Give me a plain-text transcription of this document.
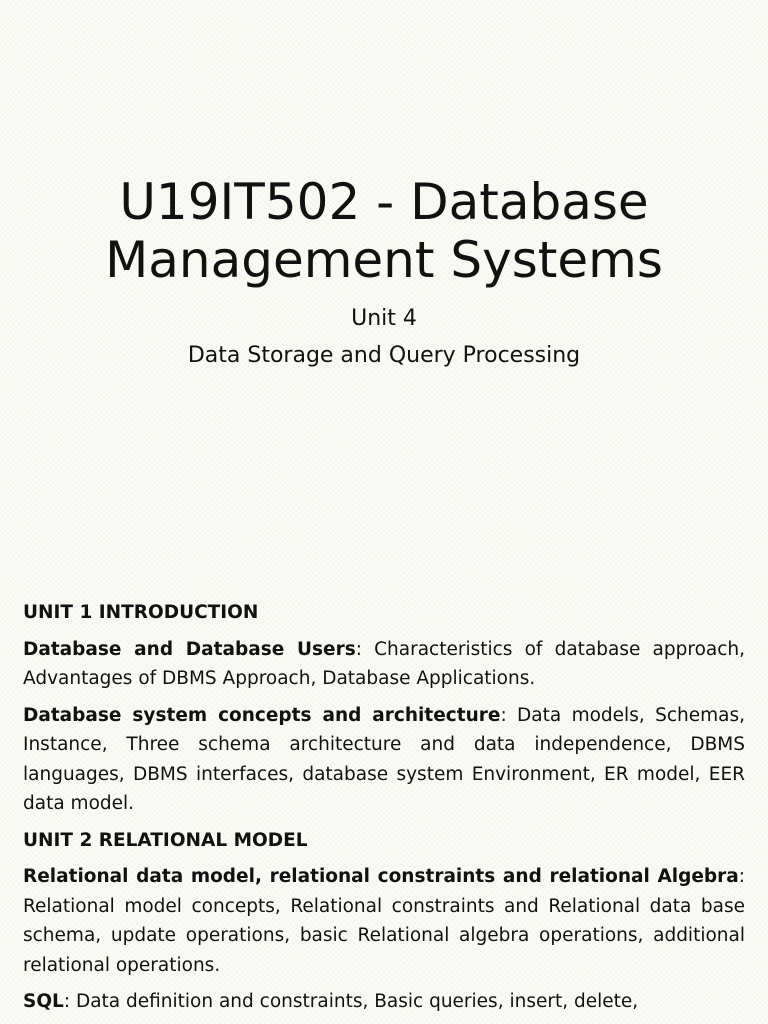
U19IT502 - Database
Management Systems

Unit 4

Data Storage and Query Processing

UNIT 1 INTRODUCTION
Database and Database Users: Characteristics of database approach, Advantages of DBMS Approach, Database Applications.
Database system concepts and architecture: Data models, Schemas, Instance, Three schema architecture and data independence, DBMS languages, DBMS interfaces, database system Environment, ER model, EER data model.
UNIT 2 RELATIONAL MODEL
Relational data model, relational constraints and relational Algebra: Relational model concepts, Relational constraints and Relational data base schema, update operations, basic Relational algebra operations, additional relational operations.
SQL: Data definition and constraints, Basic queries, insert, delete,
